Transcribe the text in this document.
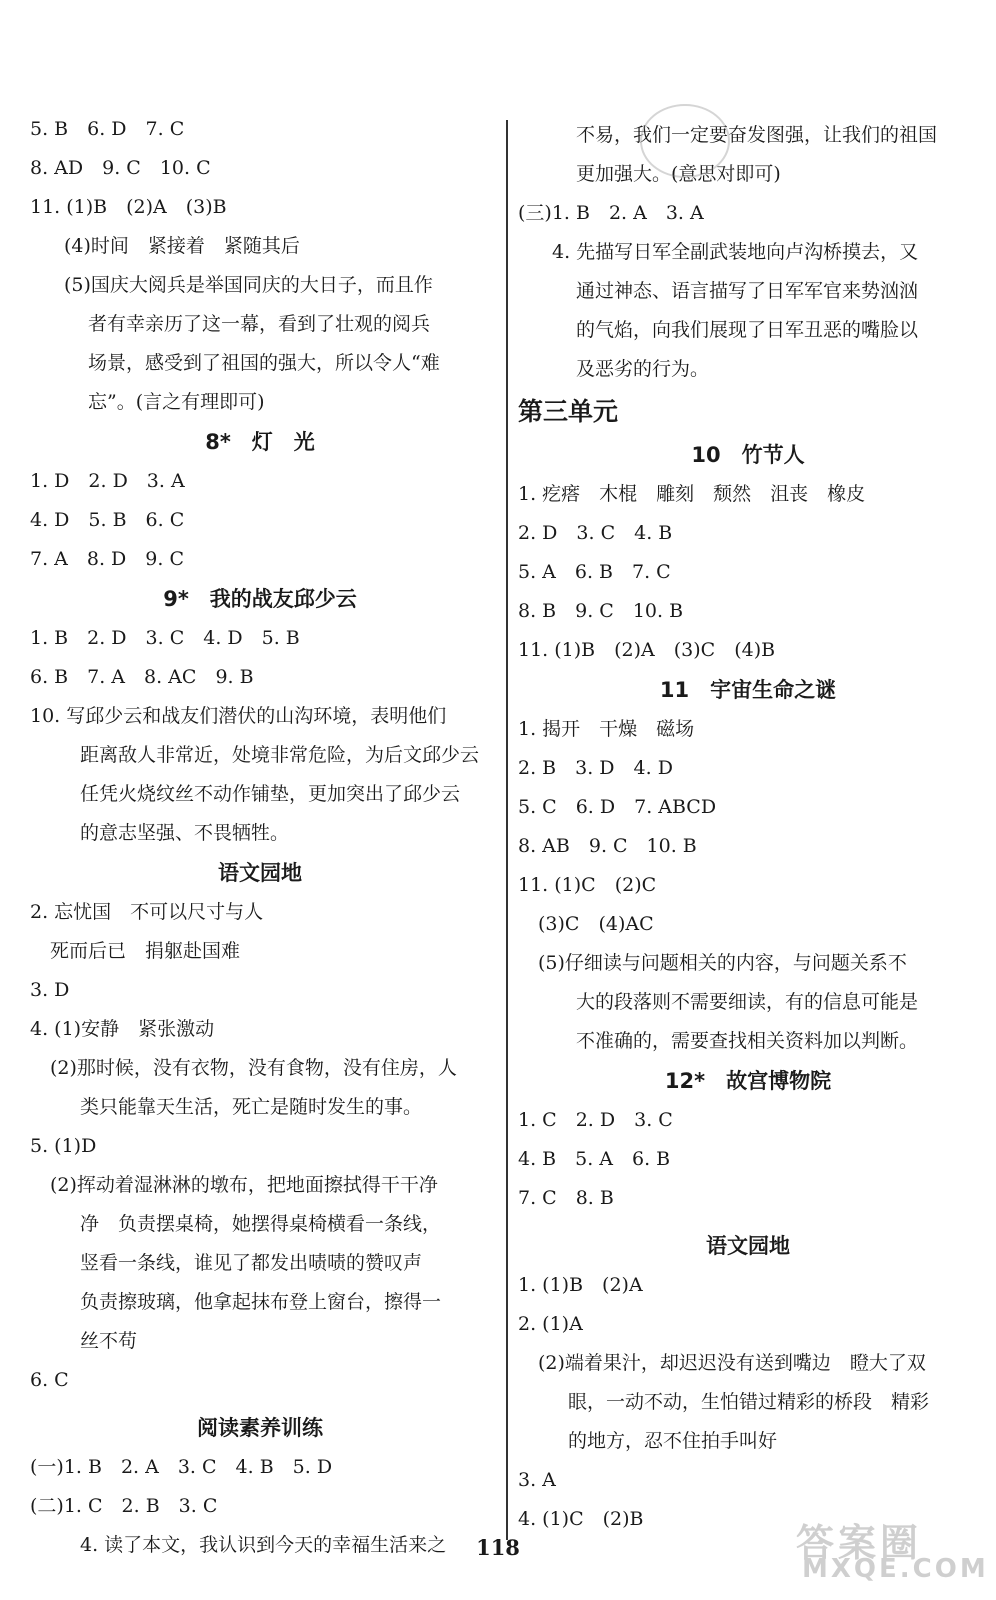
5. B　6. D　7. C
8. AD　9. C　10. C
11. (1)B　(2)A　(3)B
(4)时间　紧接着　紧随其后
(5)国庆大阅兵是举国同庆的大日子，而且作
者有幸亲历了这一幕，看到了壮观的阅兵
场景，感受到了祖国的强大，所以令人“难
忘”。(言之有理即可)
8*　灯　光
1. D　2. D　3. A
4. D　5. B　6. C
7. A　8. D　9. C
9*　我的战友邱少云
1. B　2. D　3. C　4. D　5. B
6. B　7. A　8. AC　9. B
10. 写邱少云和战友们潜伏的山沟环境，表明他们
距离敌人非常近，处境非常危险，为后文邱少云
任凭火烧纹丝不动作铺垫，更加突出了邱少云
的意志坚强、不畏牺牲。
语文园地
2. 忘忧国　不可以尺寸与人
死而后已　捐躯赴国难
3. D
4. (1)安静　紧张激动
(2)那时候，没有衣物，没有食物，没有住房，人
类只能靠天生活，死亡是随时发生的事。
5. (1)D
(2)挥动着湿淋淋的墩布，把地面擦拭得干干净
净　负责摆桌椅，她摆得桌椅横看一条线，
竖看一条线，谁见了都发出啧啧的赞叹声
负责擦玻璃，他拿起抹布登上窗台，擦得一
丝不苟
6. C
阅读素养训练
(一)1. B　2. A　3. C　4. B　5. D
(二)1. C　2. B　3. C
4. 读了本文，我认识到今天的幸福生活来之
不易，我们一定要奋发图强，让我们的祖国
更加强大。(意思对即可)
(三)1. B　2. A　3. A
4. 先描写日军全副武装地向卢沟桥摸去，又
通过神态、语言描写了日军军官来势汹汹
的气焰，向我们展现了日军丑恶的嘴脸以
及恶劣的行为。
第三单元
10　竹节人
1. 疙瘩　木棍　雕刻　颓然　沮丧　橡皮
2. D　3. C　4. B
5. A　6. B　7. C
8. B　9. C　10. B
11. (1)B　(2)A　(3)C　(4)B
11　宇宙生命之谜
1. 揭开　干燥　磁场
2. B　3. D　4. D
5. C　6. D　7. ABCD
8. AB　9. C　10. B
11. (1)C　(2)C
(3)C　(4)AC
(5)仔细读与问题相关的内容，与问题关系不
大的段落则不需要细读，有的信息可能是
不准确的，需要查找相关资料加以判断。
12*　故宫博物院
1. C　2. D　3. C
4. B　5. A　6. B
7. C　8. B
语文园地
1. (1)B　(2)A
2. (1)A
(2)端着果汁，却迟迟没有送到嘴边　瞪大了双
眼，一动不动，生怕错过精彩的桥段　精彩
的地方，忍不住拍手叫好
3. A
4. (1)C　(2)B
118	答案圈
MXQE.COM
